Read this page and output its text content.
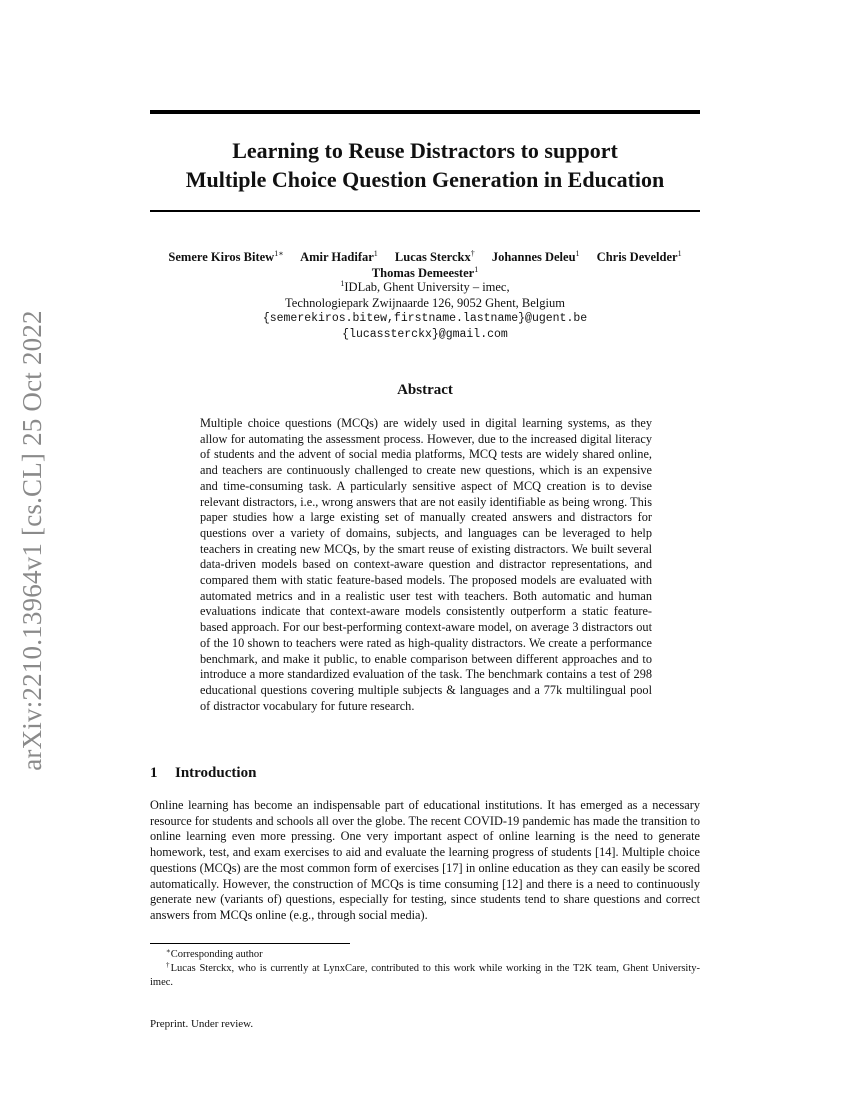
arXiv:2210.13964v1 [cs.CL] 25 Oct 2022
Learning to Reuse Distractors to support
Multiple Choice Question Generation in Education
Semere Kiros Bitew$^{1∗}$ Amir Hadifar$^1$ Lucas Sterckx† Johannes Deleu$^1$ Chris Develder$^1$
Thomas Demeester$^1$
$^1$IDLab, Ghent University – imec,
Technologiepark Zwijnaarde 126, 9052 Ghent, Belgium
{semerekiros.bitew,firstname.lastname}@ugent.be
{lucassterckx}@gmail.com
Abstract
Multiple choice questions (MCQs) are widely used in digital learning systems, as they allow for automating the assessment process. However, due to the increased digital literacy of students and the advent of social media platforms, MCQ tests are widely shared online, and teachers are continuously challenged to create new questions, which is an expensive and time-consuming task. A particularly sensitive aspect of MCQ creation is to devise relevant distractors, i.e., wrong answers that are not easily identifiable as being wrong. This paper studies how a large existing set of manually created answers and distractors for questions over a variety of domains, subjects, and languages can be leveraged to help teachers in creating new MCQs, by the smart reuse of existing distractors. We built several data-driven models based on context-aware question and distractor representations, and compared them with static feature-based models. The proposed models are evaluated with automated metrics and in a realistic user test with teachers. Both automatic and human evaluations indicate that context-aware models consistently outperform a static feature-based approach. For our best-performing context-aware model, on average 3 distractors out of the 10 shown to teachers were rated as high-quality distractors. We create a performance benchmark, and make it public, to enable comparison between different approaches and to introduce a more standardized evaluation of the task. The benchmark contains a test of 298 educational questions covering multiple subjects & languages and a 77k multilingual pool of distractor vocabulary for future research.
1 Introduction
Online learning has become an indispensable part of educational institutions. It has emerged as a necessary resource for students and schools all over the globe. The recent COVID-19 pandemic has made the transition to online learning even more pressing. One very important aspect of online learning is the need to generate homework, test, and exam exercises to aid and evaluate the learning progress of students [14]. Multiple choice questions (MCQs) are the most common form of exercises [17] in online education as they can easily be scored automatically. However, the construction of MCQs is time consuming [12] and there is a need to continuously generate new (variants of) questions, especially for testing, since students tend to share questions and correct answers from MCQs online (e.g., through social media).
∗Corresponding author
†Lucas Sterckx, who is currently at LynxCare, contributed to this work while working in the T2K team, Ghent University-imec.
Preprint. Under review.
